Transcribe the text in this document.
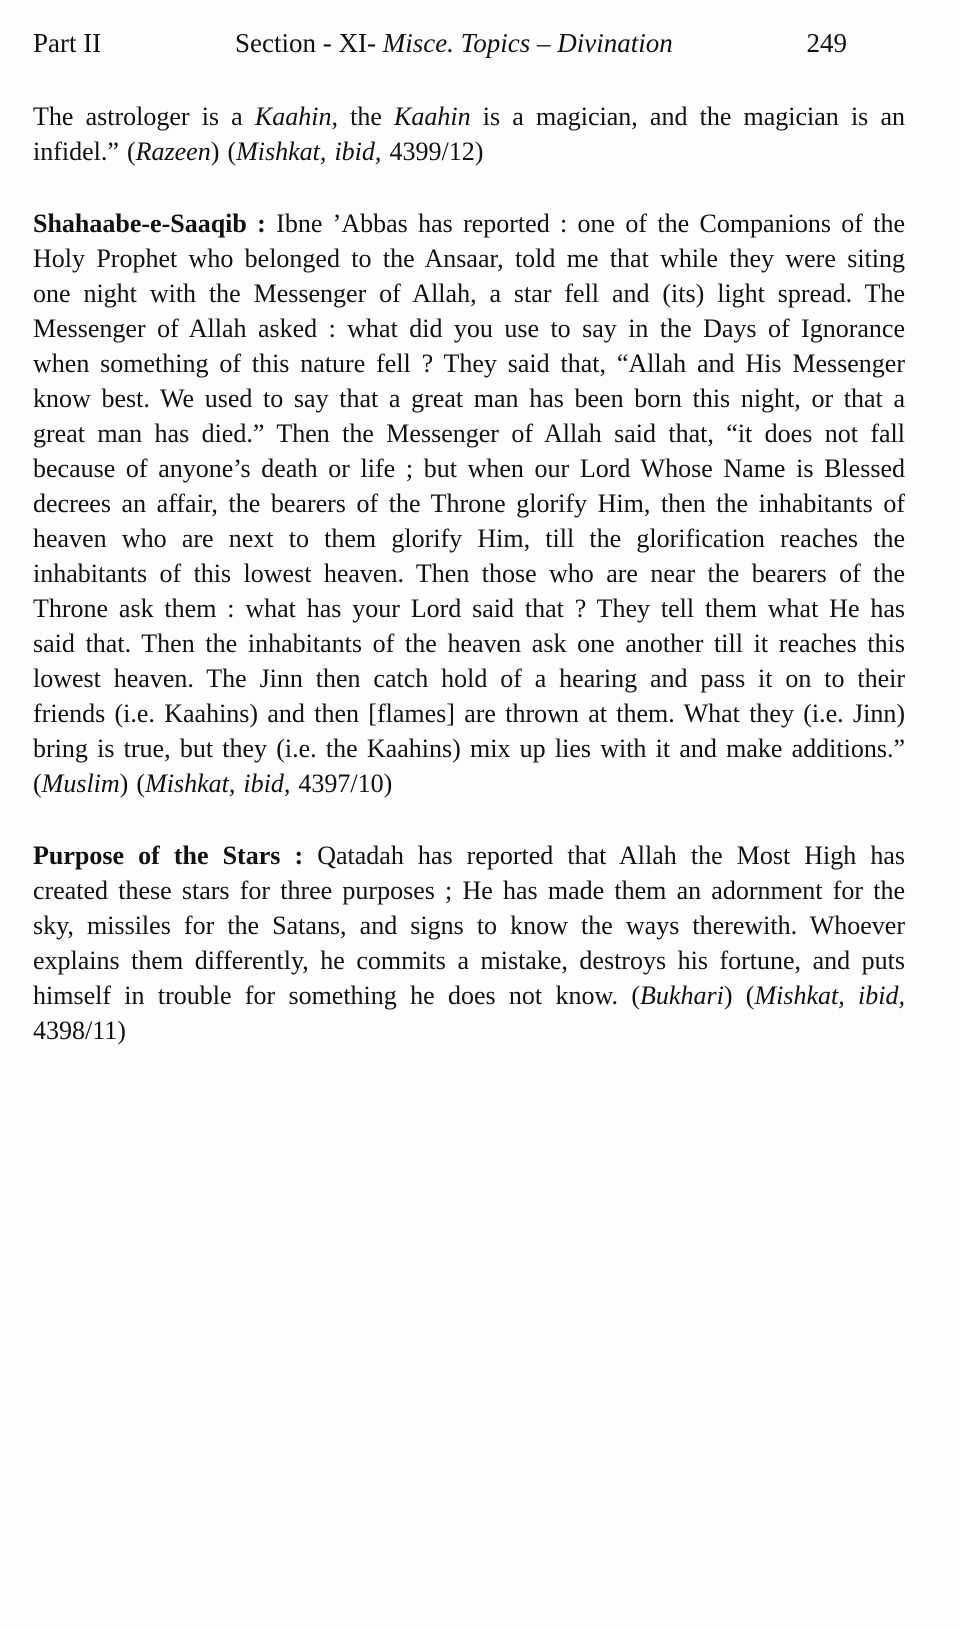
Part II	Section - XI- Misce. Topics – Divination	249

The astrologer is a Kaahin, the Kaahin is a magician, and the magician is an infidel.” (Razeen) (Mishkat, ibid, 4399/12)

Shahaabe-e-Saaqib : Ibne ’Abbas has reported : one of the Companions of the Holy Prophet who belonged to the Ansaar, told me that while they were siting one night with the Messenger of Allah, a star fell and (its) light spread. The Messenger of Allah asked : what did you use to say in the Days of Ignorance when something of this nature fell ? They said that, “Allah and His Messenger know best. We used to say that a great man has been born this night, or that a great man has died.” Then the Messenger of Allah said that, “it does not fall because of anyone’s death or life ; but when our Lord Whose Name is Blessed decrees an affair, the bearers of the Throne glorify Him, then the inhabitants of heaven who are next to them glorify Him, till the glorification reaches the inhabitants of this lowest heaven. Then those who are near the bearers of the Throne ask them : what has your Lord said that ? They tell them what He has said that. Then the inhabitants of the heaven ask one another till it reaches this lowest heaven. The Jinn then catch hold of a hearing and pass it on to their friends (i.e. Kaahins) and then [flames] are thrown at them. What they (i.e. Jinn) bring is true, but they (i.e. the Kaahins) mix up lies with it and make additions.” (Muslim) (Mishkat, ibid, 4397/10)

Purpose of the Stars : Qatadah has reported that Allah the Most High has created these stars for three purposes ; He has made them an adornment for the sky, missiles for the Satans, and signs to know the ways therewith. Whoever explains them differently, he commits a mistake, destroys his fortune, and puts himself in trouble for something he does not know. (Bukhari) (Mishkat, ibid, 4398/11)
